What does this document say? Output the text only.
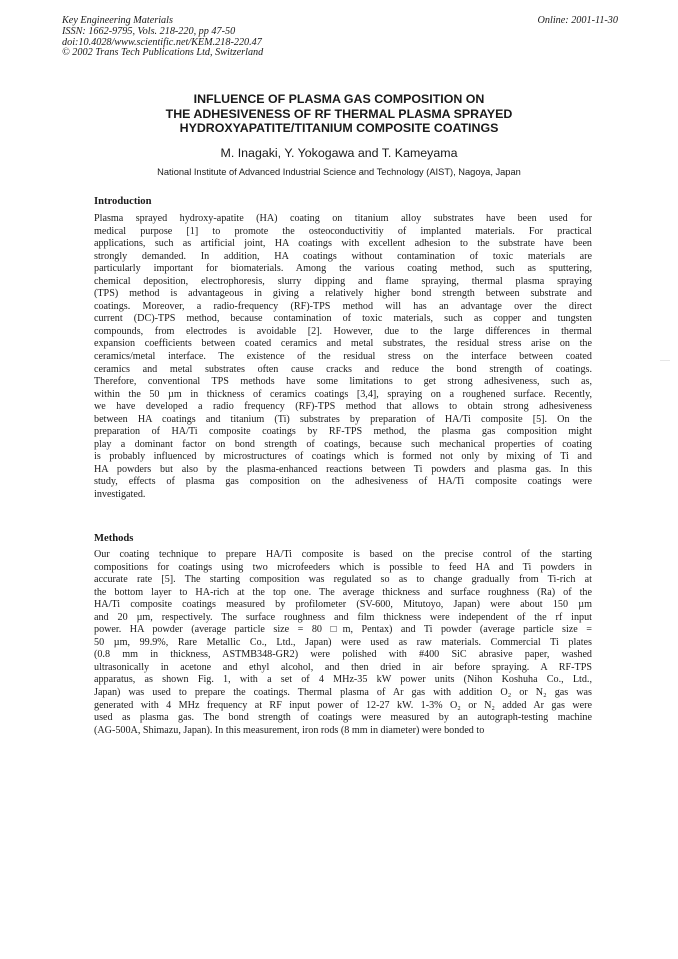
Key Engineering Materials
ISSN: 1662-9795, Vols. 218-220, pp 47-50
doi:10.4028/www.scientific.net/KEM.218-220.47
© 2002 Trans Tech Publications Ltd, Switzerland
Online: 2001-11-30
INFLUENCE OF PLASMA GAS COMPOSITION ON
THE ADHESIVENESS OF RF THERMAL PLASMA SPRAYED
HYDROXYAPATITE/TITANIUM COMPOSITE COATINGS
M. Inagaki, Y. Yokogawa and T. Kameyama
National Institute of Advanced Industrial Science and Technology (AIST), Nagoya, Japan
Introduction
Plasma sprayed hydroxy-apatite (HA) coating on titanium alloy substrates have been used for
medical purpose [1] to promote the osteoconductivitiy of implanted materials. For practical
applications, such as artificial joint, HA coatings with excellent adhesion to the substrate have been
strongly demanded. In addition, HA coatings without contamination of toxic materials are
particularly important for biomaterials. Among the various coating method, such as sputtering,
chemical deposition, electrophoresis, slurry dipping and flame spraying, thermal plasma spraying
(TPS) method is advantageous in giving a relatively higher bond strength between substrate and
coatings. Moreover, a radio-frequency (RF)-TPS method will has an advantage over the direct
current (DC)-TPS method, because contamination of toxic materials, such as copper and tungsten
compounds, from electrodes is avoidable [2]. However, due to the large differences in thermal
expansion coefficients between coated ceramics and metal substrates, the residual stress arise on the
ceramics/metal interface. The existence of the residual stress on the interface between coated
ceramics and metal substrates often cause cracks and reduce the bond strength of coatings.
Therefore, conventional TPS methods have some limitations to get strong adhesiveness, such as,
within the 50 µm in thickness of ceramics coatings [3,4], spraying on a roughened surface. Recently,
we have developed a radio frequency (RF)-TPS method that allows to obtain strong adhesiveness
between HA coatings and titanium (Ti) substrates by preparation of HA/Ti composite [5]. On the
preparation of HA/Ti composite coatings by RF-TPS method, the plasma gas composition might
play a dominant factor on bond strength of coatings, because such mechanical properties of coating
is probably influenced by microstructures of coatings which is formed not only by mixing of Ti and
HA powders but also by the plasma-enhanced reactions between Ti powders and plasma gas. In this
study, effects of plasma gas composition on the adhesiveness of HA/Ti composite coatings were
investigated.
Methods
Our coating technique to prepare HA/Ti composite is based on the precise control of the starting
compositions for coatings using two microfeeders which is possible to feed HA and Ti powders in
accurate rate [5]. The starting composition was regulated so as to change gradually from Ti-rich at
the bottom layer to HA-rich at the top one. The average thickness and surface roughness (Ra) of the
HA/Ti composite coatings measured by profilometer (SV-600, Mitutoyo, Japan) were about 150 µm
and 20 µm, respectively. The surface roughness and film thickness were independent of the rf input
power. HA powder (average particle size = 80 □m, Pentax) and Ti powder (average particle size =
50 µm, 99.9%, Rare Metallic Co., Ltd., Japan) were used as raw materials. Commercial Ti plates
(0.8 mm in thickness, ASTMB348-GR2) were polished with #400 SiC abrasive paper, washed
ultrasonically in acetone and ethyl alcohol, and then dried in air before spraying. A RF-TPS
apparatus, as shown Fig. 1, with a set of 4 MHz-35 kW power units (Nihon Koshuha Co., Ltd.,
Japan) was used to prepare the coatings. Thermal plasma of Ar gas with addition O₂ or N₂ gas was
generated with 4 MHz frequency at RF input power of 12-27 kW. 1-3% O₂ or N₂ added Ar gas were
used as plasma gas. The bond strength of coatings were measured by an autograph-testing machine
(AG-500A, Shimazu, Japan). In this measurement, iron rods (8 mm in diameter) were bonded to
